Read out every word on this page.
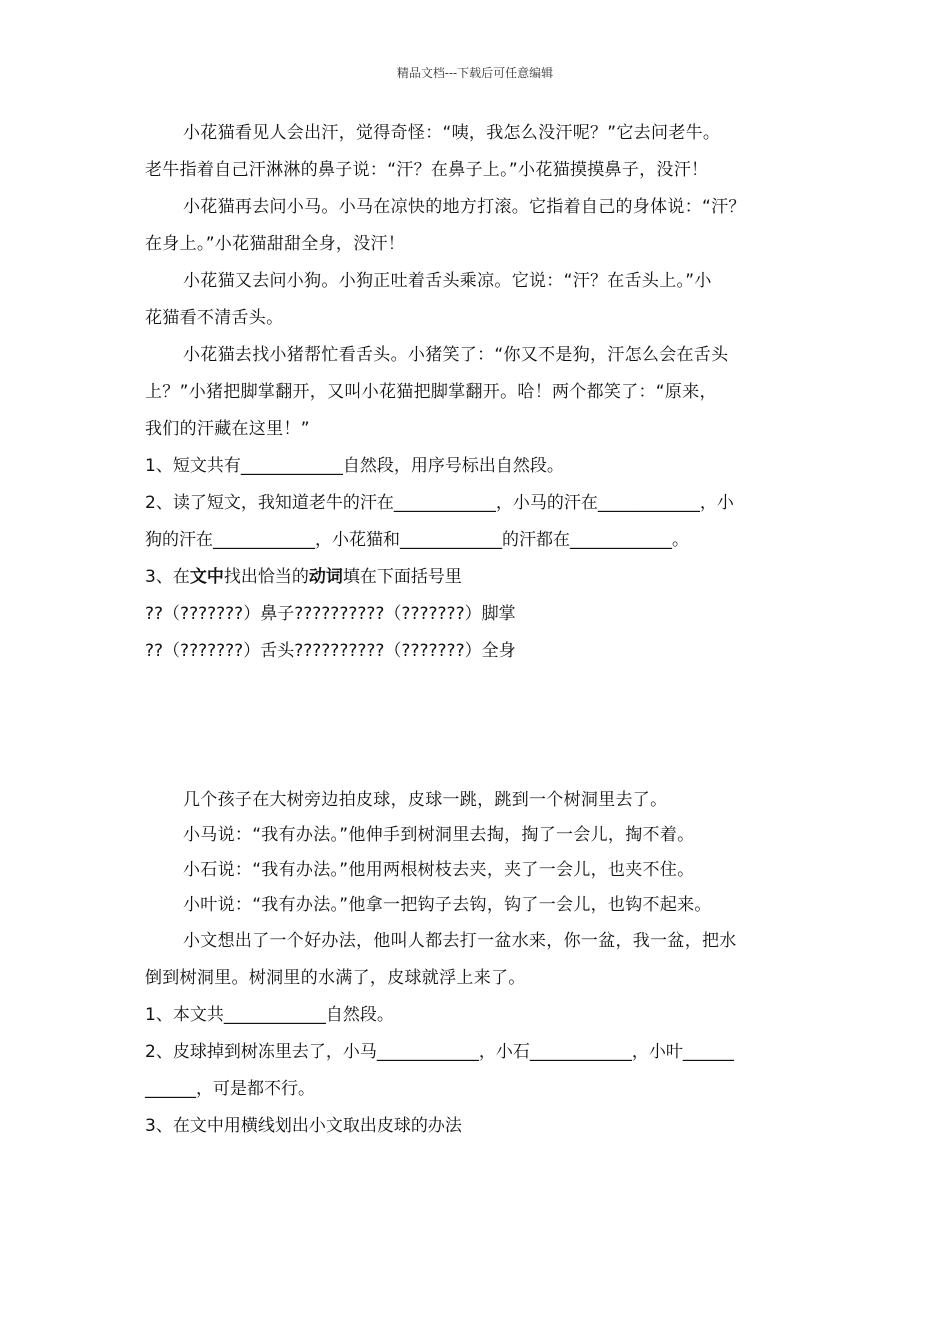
精品文档---下载后可任意编辑
小花猫看见人会出汗，觉得奇怪：“咦，我怎么没汗呢？”它去问老牛。
老牛指着自己汗淋淋的鼻子说：“汗？在鼻子上。”小花猫摸摸鼻子，没汗！
小花猫再去问小马。小马在凉快的地方打滚。它指着自己的身体说：“汗？
在身上。”小花猫甜甜全身，没汗！
小花猫又去问小狗。小狗正吐着舌头乘凉。它说：“汗？在舌头上。”小
花猫看不清舌头。
小花猫去找小猪帮忙看舌头。小猪笑了：“你又不是狗，汗怎么会在舌头
上？”小猪把脚掌翻开，又叫小花猫把脚掌翻开。哈！两个都笑了：“原来，
我们的汗藏在这里！”
1、短文共有____________自然段，用序号标出自然段。
2、读了短文，我知道老牛的汗在____________，小马的汗在____________，小
狗的汗在____________，小花猫和____________的汗都在____________。
3、在文中找出恰当的动词填在下面括号里
??（???????）鼻子??????????（???????）脚掌
??（???????）舌头??????????（???????）全身
几个孩子在大树旁边拍皮球，皮球一跳，跳到一个树洞里去了。
小马说：“我有办法。”他伸手到树洞里去掏，掏了一会儿，掏不着。
小石说：“我有办法。”他用两根树枝去夹，夹了一会儿，也夹不住。
小叶说：“我有办法。”他拿一把钩子去钩，钩了一会儿，也钩不起来。
小文想出了一个好办法，他叫人都去打一盆水来，你一盆，我一盆，把水
倒到树洞里。树洞里的水满了，皮球就浮上来了。
1、本文共____________自然段。
2、皮球掉到树冻里去了，小马____________，小石____________，小叶______
______，可是都不行。
3、在文中用横线划出小文取出皮球的办法
